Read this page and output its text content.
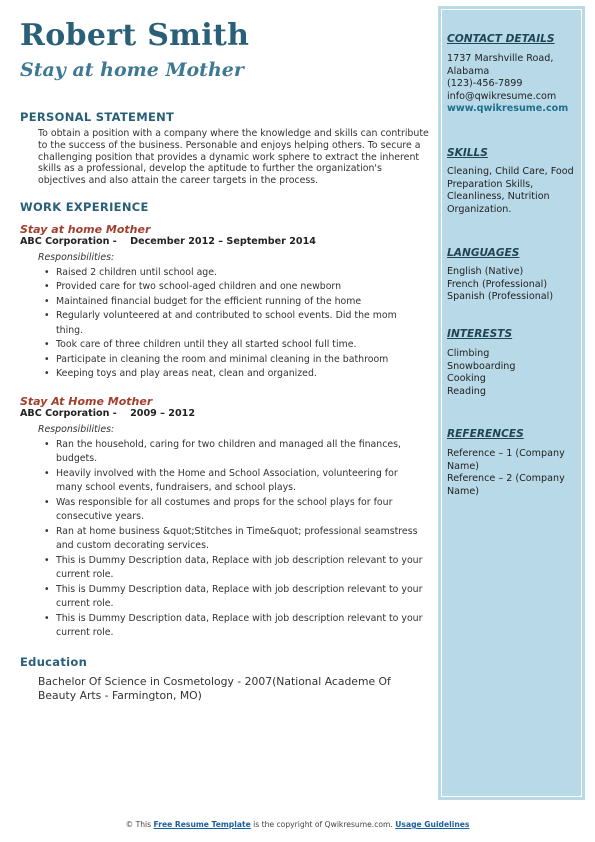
Robert Smith
Stay at home Mother
PERSONAL STATEMENT
To obtain a position with a company where the knowledge and skills can contribute to the success of the business. Personable and enjoys helping others. To secure a challenging position that provides a dynamic work sphere to extract the inherent skills as a professional, develop the aptitude to further the organization's objectives and also attain the career targets in the process.
WORK EXPERIENCE
Stay at home Mother
ABC Corporation -    December 2012 – September 2014
Responsibilities:
• Raised 2 children until school age.
• Provided care for two school-aged children and one newborn
• Maintained financial budget for the efficient running of the home
• Regularly volunteered at and contributed to school events. Did the mom thing.
• Took care of three children until they all started school full time.
• Participate in cleaning the room and minimal cleaning in the bathroom
• Keeping toys and play areas neat, clean and organized.
Stay At Home Mother
ABC Corporation -    2009 – 2012
Responsibilities:
• Ran the household, caring for two children and managed all the finances, budgets.
• Heavily involved with the Home and School Association, volunteering for many school events, fundraisers, and school plays.
• Was responsible for all costumes and props for the school plays for four consecutive years.
• Ran at home business &quot;Stitches in Time&quot; professional seamstress and custom decorating services.
• This is Dummy Description data, Replace with job description relevant to your current role.
• This is Dummy Description data, Replace with job description relevant to your current role.
• This is Dummy Description data, Replace with job description relevant to your current role.
Education
Bachelor Of Science in Cosmetology - 2007(National Academe Of Beauty Arts - Farmington, MO)
CONTACT DETAILS
1737 Marshville Road,
Alabama
(123)-456-7899
info@qwikresume.com
www.qwikresume.com
SKILLS
Cleaning, Child Care, Food Preparation Skills, Cleanliness, Nutrition Organization.
LANGUAGES
English (Native)
French (Professional)
Spanish (Professional)
INTERESTS
Climbing
Snowboarding
Cooking
Reading
REFERENCES
Reference – 1 (Company Name)
Reference – 2 (Company Name)
© This Free Resume Template is the copyright of Qwikresume.com. Usage Guidelines
